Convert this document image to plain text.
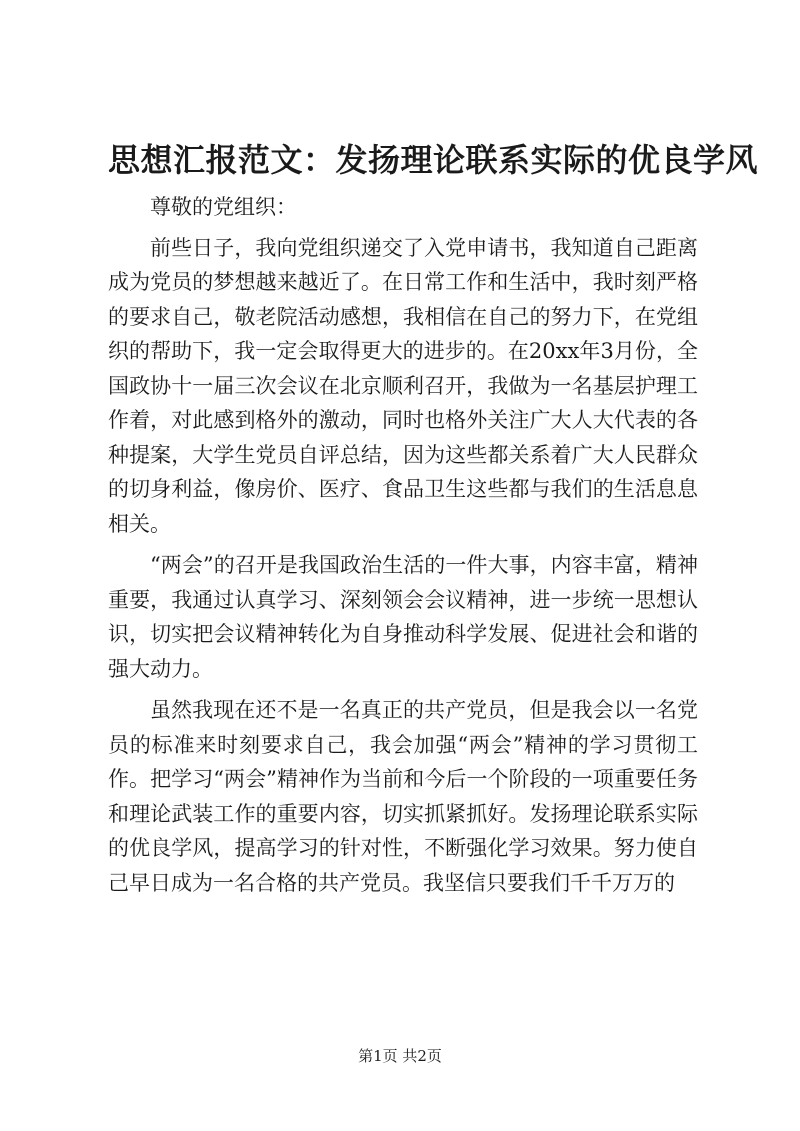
思想汇报范文：发扬理论联系实际的优良学风

尊敬的党组织：

前些日子，我向党组织递交了入党申请书，我知道自己距离成为党员的梦想越来越近了。在日常工作和生活中，我时刻严格的要求自己，敬老院活动感想，我相信在自己的努力下，在党组织的帮助下，我一定会取得更大的进步的。在20xx年3月份，全国政协十一届三次会议在北京顺利召开，我做为一名基层护理工作着，对此感到格外的激动，同时也格外关注广大人大代表的各种提案，大学生党员自评总结，因为这些都关系着广大人民群众的切身利益，像房价、医疗、食品卫生这些都与我们的生活息息相关。

“两会”的召开是我国政治生活的一件大事，内容丰富，精神重要，我通过认真学习、深刻领会会议精神，进一步统一思想认识，切实把会议精神转化为自身推动科学发展、促进社会和谐的强大动力。

虽然我现在还不是一名真正的共产党员，但是我会以一名党员的标准来时刻要求自己，我会加强“两会”精神的学习贯彻工作。把学习“两会”精神作为当前和今后一个阶段的一项重要任务和理论武装工作的重要内容，切实抓紧抓好。发扬理论联系实际的优良学风，提高学习的针对性，不断强化学习效果。努力使自己早日成为一名合格的共产党员。我坚信只要我们千千万万的

第1页 共2页
